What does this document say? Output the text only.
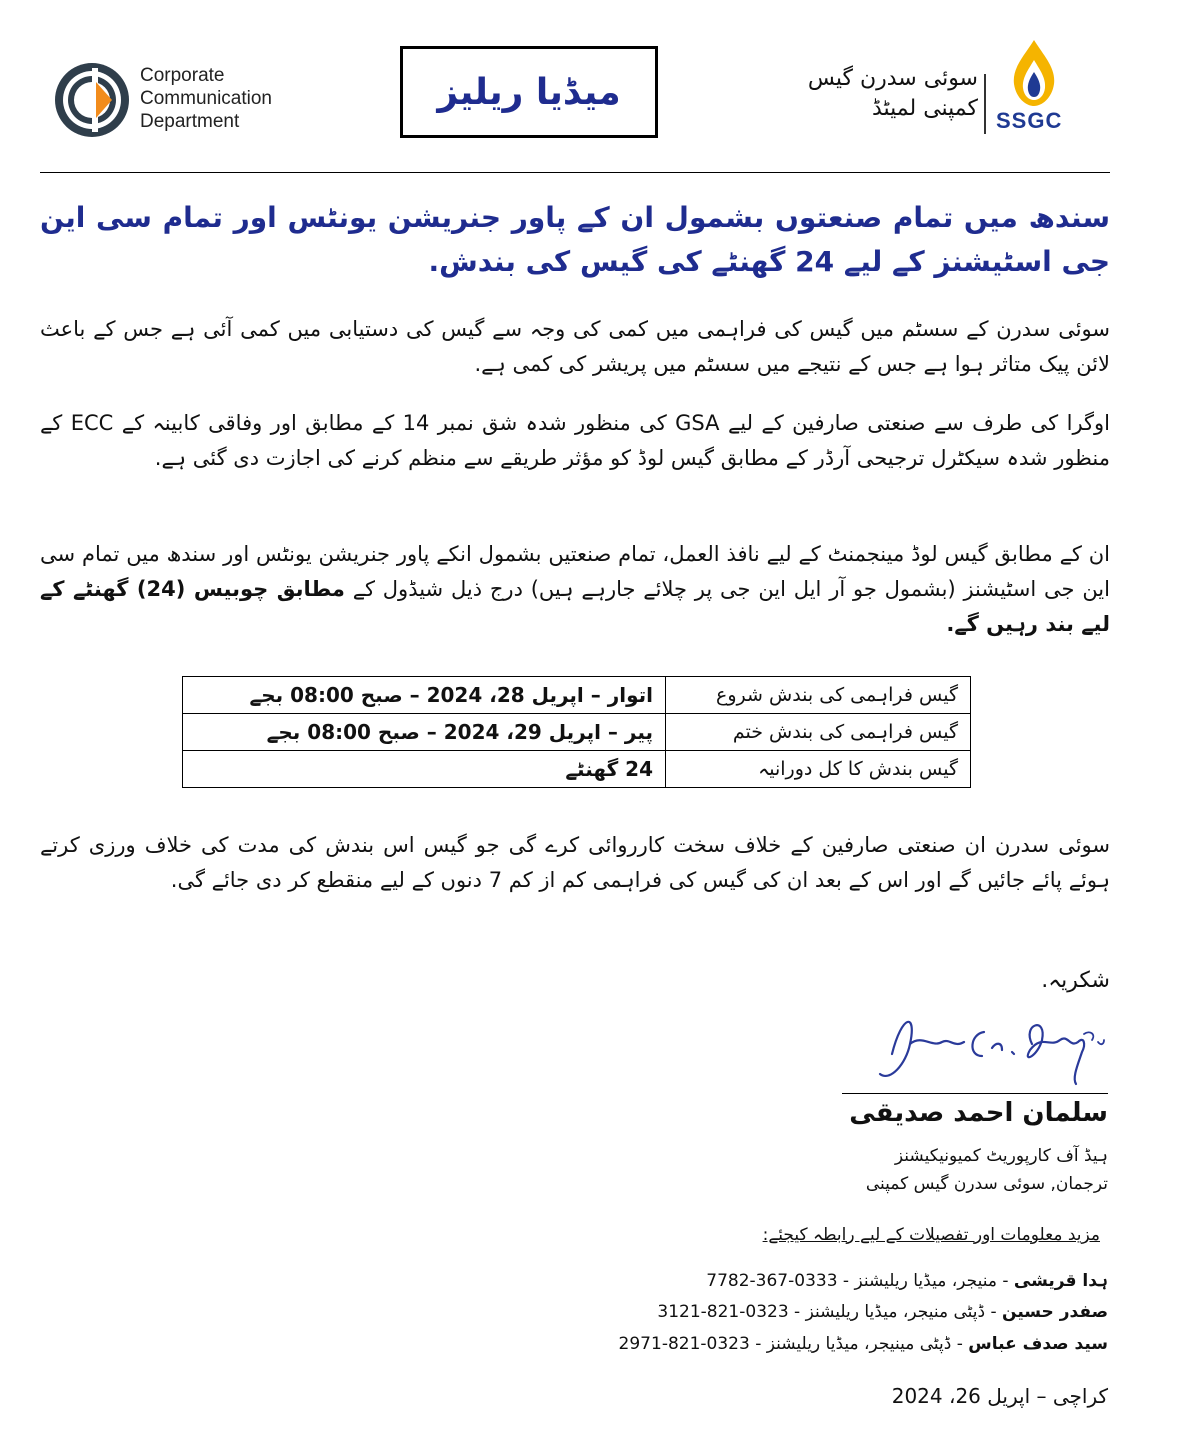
Corporate
Communication
Department
میڈیا ریلیز	سوئی سدرن گیس
کمپنی لمیٹڈ SSGC
سندھ میں تمام صنعتوں بشمول ان کے پاور جنریشن یونٹس اور تمام سی این جی اسٹیشنز کے لیے 24 گھنٹے کی گیس کی بندش.
سوئی سدرن کے سسٹم میں گیس کی فراہمی میں کمی کی وجہ سے گیس کی دستیابی میں کمی آئی ہے جس کے باعث لائن پیک متاثر ہوا ہے جس کے نتیجے میں سسٹم میں پریشر کی کمی ہے.
اوگرا کی طرف سے صنعتی صارفین کے لیے GSA کی منظور شدہ شق نمبر 14 کے مطابق اور وفاقی کابینہ کے ECC کے منظور شدہ سیکٹرل ترجیحی آرڈر کے مطابق گیس لوڈ کو مؤثر طریقے سے منظم کرنے کی اجازت دی گئی ہے.
ان کے مطابق گیس لوڈ مینجمنٹ کے لیے نافذ العمل، تمام صنعتیں بشمول انکے پاور جنریشن یونٹس اور سندھ میں تمام سی این جی اسٹیشنز (بشمول جو آر ایل این جی پر چلائے جارہے ہیں) درج ذیل شیڈول کے مطابق چوبیس (24) گھنٹے کے لیے بند رہیں گے.
گیس فراہمی کی بندش شروع	اتوار – اپریل 28، 2024 – صبح 08:00 بجے
گیس فراہمی کی بندش ختم	پیر – اپریل 29، 2024 – صبح 08:00 بجے
گیس بندش کا کل دورانیہ	24 گھنٹے
سوئی سدرن ان صنعتی صارفین کے خلاف سخت کارروائی کرے گی جو گیس اس بندش کی مدت کی خلاف ورزی کرتے ہوئے پائے جائیں گے اور اس کے بعد ان کی گیس کی فراہمی کم از کم 7 دنوں کے لیے منقطع کر دی جائے گی.
شکریہ.
سلمان احمد صدیقی
ہیڈ آف کارپوریٹ کمیونیکیشنز
ترجمان, سوئی سدرن گیس کمپنی
مزید معلومات اور تفصیلات کے لیے رابطہ کیجئے:
ہدا قریشی - منیجر، میڈیا ریلیشنز - 0333-367-7782
صفدر حسین - ڈپٹی منیجر، میڈیا ریلیشنز - 0323-821-3121
سید صدف عباس - ڈپٹی مینیجر، میڈیا ریلیشنز - 0323-821-2971
کراچی – اپریل 26، 2024
